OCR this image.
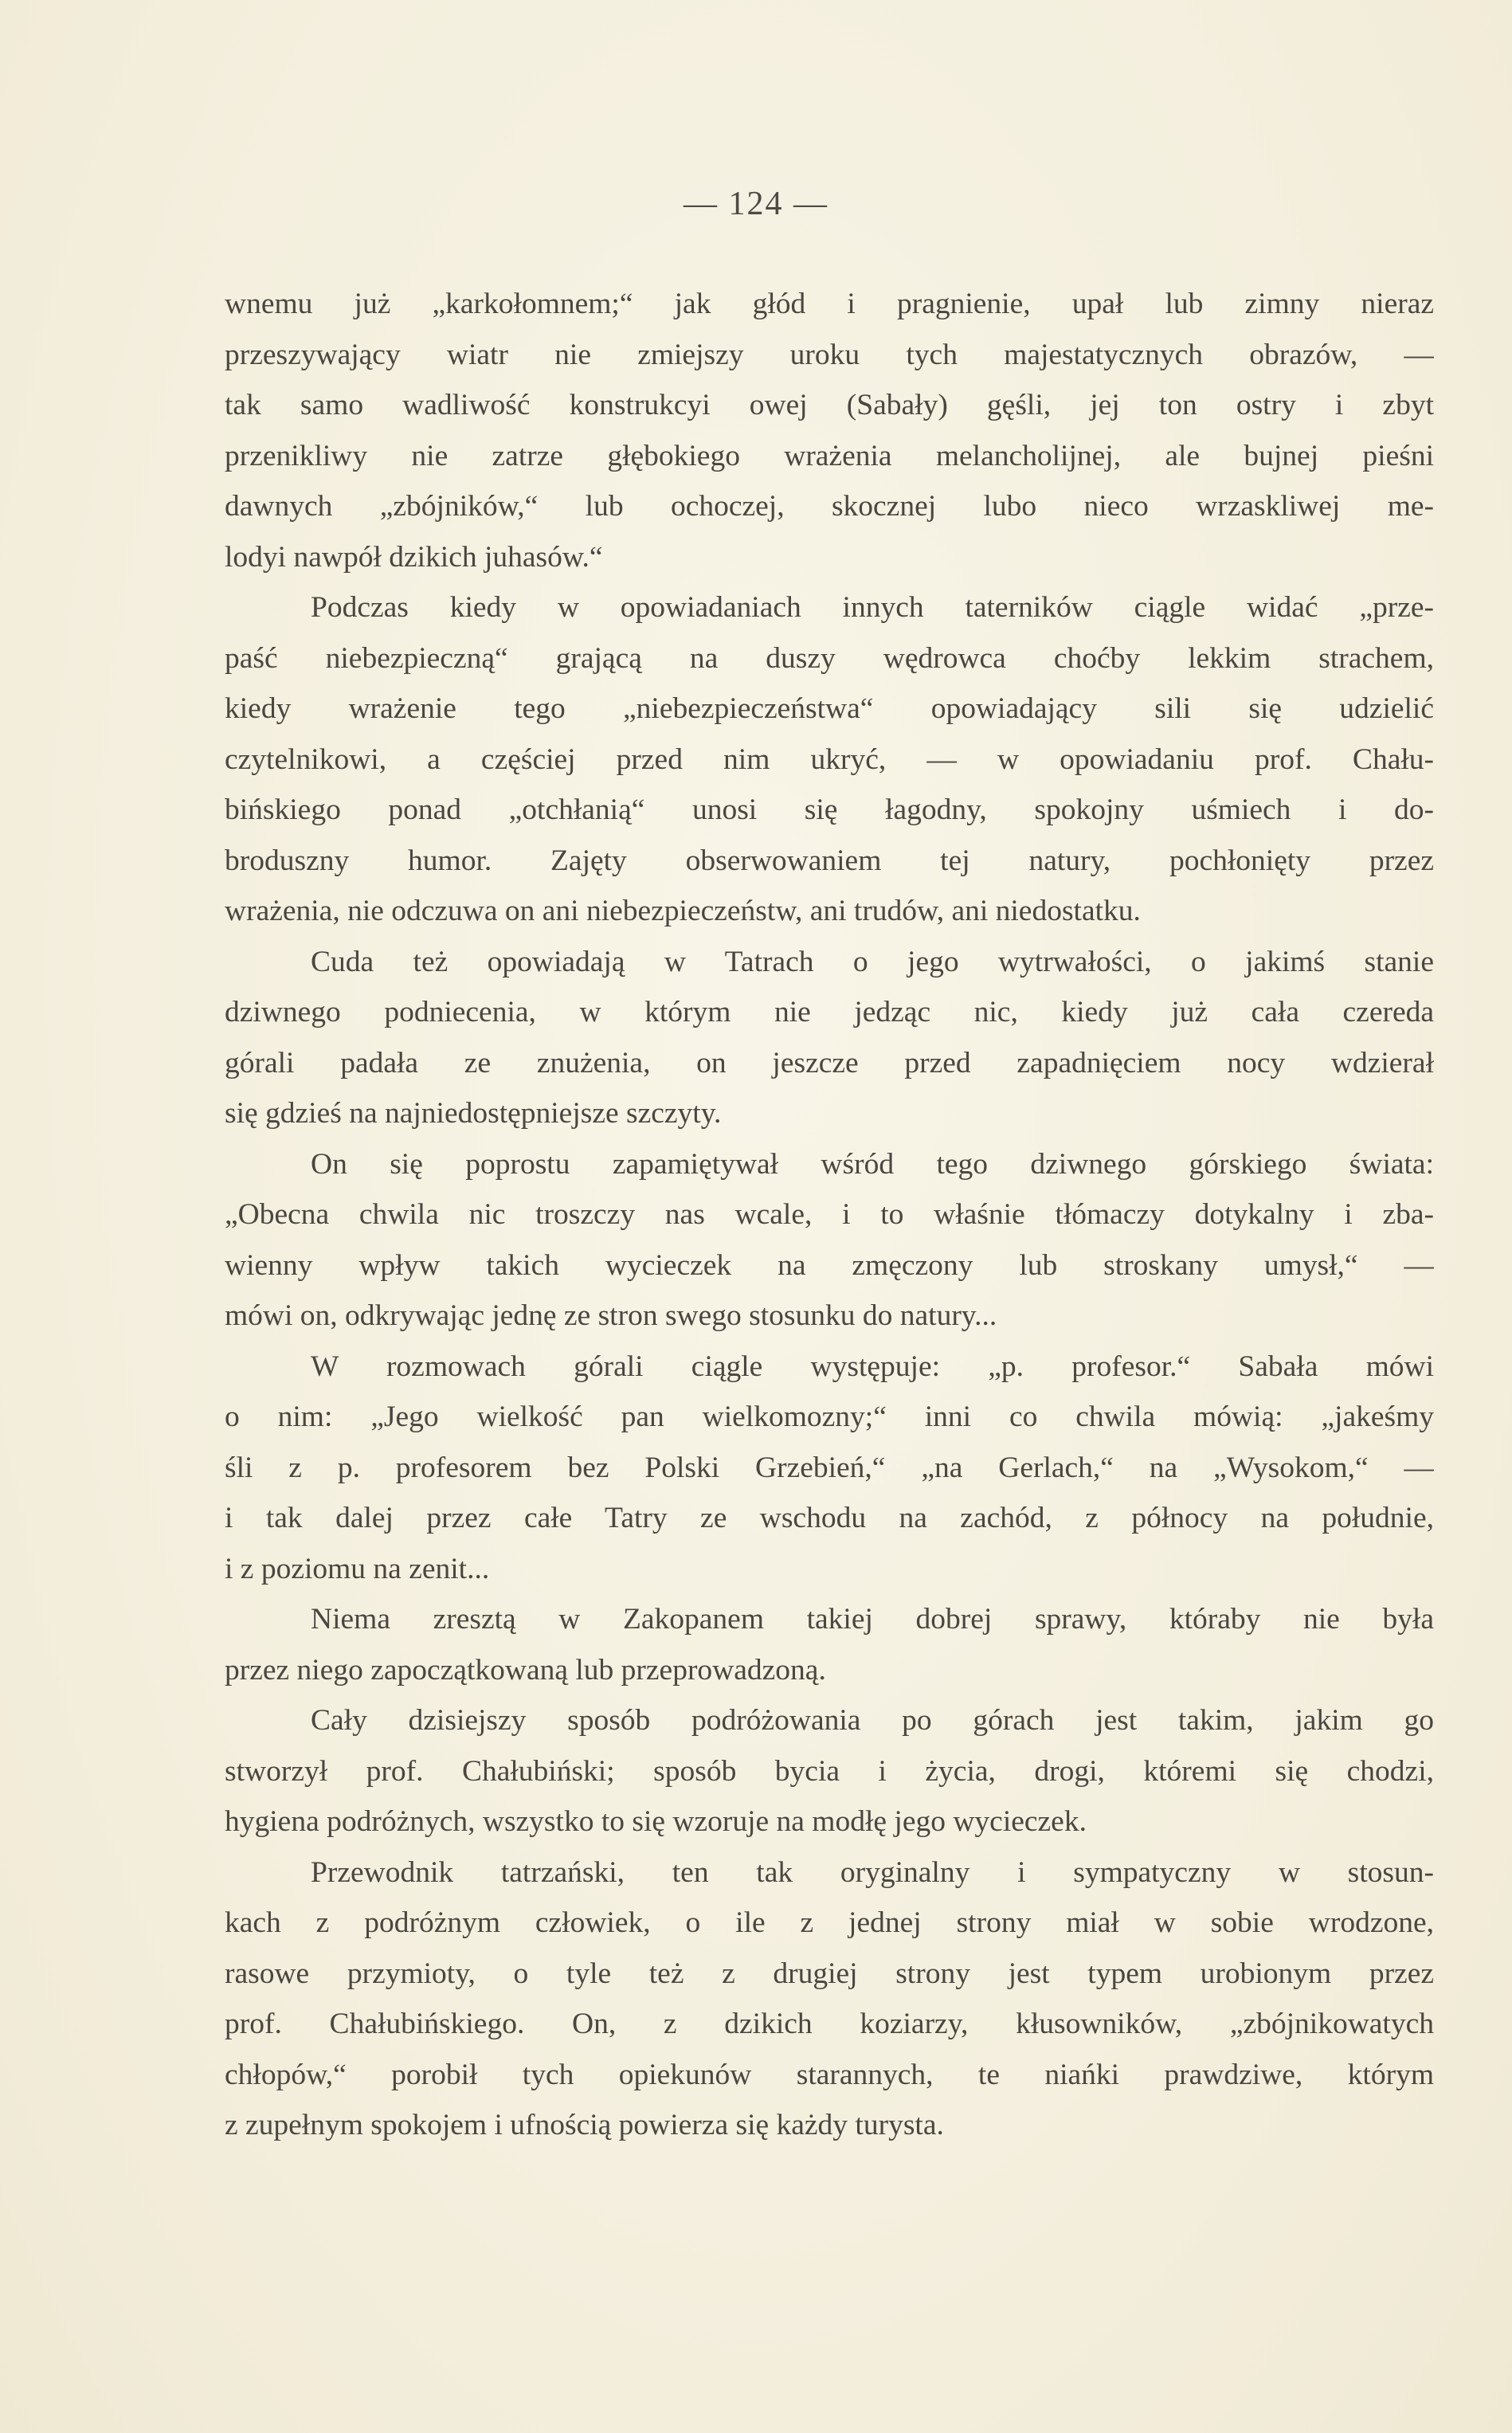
— 124 —
wnemu już „karkołomnem;“ jak głód i pragnienie, upał lub zimny nieraz
przeszywający wiatr nie zmiejszy uroku tych majestatycznych obrazów, —
tak samo wadliwość konstrukcyi owej (Sabały) gęśli, jej ton ostry i zbyt
przenikliwy nie zatrze głębokiego wrażenia melancholijnej, ale bujnej pieśni
dawnych „zbójników,“ lub ochoczej, skocznej lubo nieco wrzaskliwej me-
lodyi nawpół dzikich juhasów.“
Podczas kiedy w opowiadaniach innych taterników ciągle widać „prze-
paść niebezpieczną“ grającą na duszy wędrowca choćby lekkim strachem,
kiedy wrażenie tego „niebezpieczeństwa“ opowiadający sili się udzielić
czytelnikowi, a częściej przed nim ukryć, — w opowiadaniu prof. Chału-
bińskiego ponad „otchłanią“ unosi się łagodny, spokojny uśmiech i do-
broduszny humor. Zajęty obserwowaniem tej natury, pochłonięty przez
wrażenia, nie odczuwa on ani niebezpieczeństw, ani trudów, ani niedostatku.
Cuda też opowiadają w Tatrach o jego wytrwałości, o jakimś stanie
dziwnego podniecenia, w którym nie jedząc nic, kiedy już cała czereda
górali padała ze znużenia, on jeszcze przed zapadnięciem nocy wdzierał
się gdzieś na najniedostępniejsze szczyty.
On się poprostu zapamiętywał wśród tego dziwnego górskiego świata:
„Obecna chwila nic troszczy nas wcale, i to właśnie tłómaczy dotykalny i zba-
wienny wpływ takich wycieczek na zmęczony lub stroskany umysł,“ —
mówi on, odkrywając jednę ze stron swego stosunku do natury...
W rozmowach górali ciągle występuje: „p. profesor.“ Sabała mówi
o nim: „Jego wielkość pan wielkomozny;“ inni co chwila mówią: „jakeśmy
śli z p. profesorem bez Polski Grzebień,“ „na Gerlach,“ na „Wysokom,“ —
i tak dalej przez całe Tatry ze wschodu na zachód, z północy na południe,
i z poziomu na zenit...
Niema zresztą w Zakopanem takiej dobrej sprawy, któraby nie była
przez niego zapoczątkowaną lub przeprowadzoną.
Cały dzisiejszy sposób podróżowania po górach jest takim, jakim go
stworzył prof. Chałubiński; sposób bycia i życia, drogi, któremi się chodzi,
hygiena podróżnych, wszystko to się wzoruje na modłę jego wycieczek.
Przewodnik tatrzański, ten tak oryginalny i sympatyczny w stosun-
kach z podróżnym człowiek, o ile z jednej strony miał w sobie wrodzone,
rasowe przymioty, o tyle też z drugiej strony jest typem urobionym przez
prof. Chałubińskiego. On, z dzikich koziarzy, kłusowników, „zbójnikowatych
chłopów,“ porobił tych opiekunów starannych, te niańki prawdziwe, którym
z zupełnym spokojem i ufnością powierza się każdy turysta.
